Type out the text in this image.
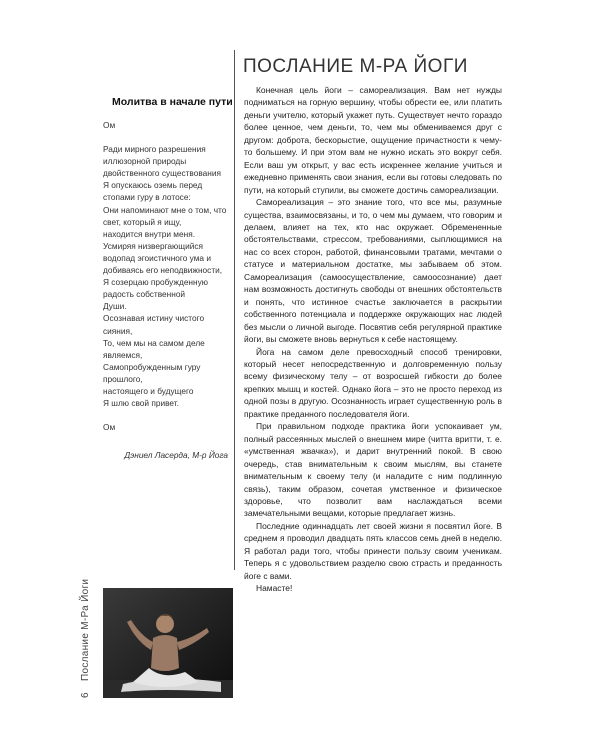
Молитва в начале пути
Ом
Ради мирного разрешения
иллюзорной природы
двойственного существования
Я опускаюсь оземь перед
стопами гуру в лотосе:
Они напоминают мне о том, что
свет, который я ищу,
находится внутри меня.
Усмиряя низвергающийся
водопад эгоистичного ума и
добиваясь его неподвижности,
Я созерцаю пробужденную
радость собственной
Души.
Осознавая истину чистого
сияния,
То, чем мы на самом деле
являемся,
Самопробужденным гуру
прошлого,
настоящего и будущего
Я шлю свой привет.
Ом
Дэниел Ласерда, М-р Йога
6 Послание М-Ра Йоги
ПОСЛАНИЕ М-РА ЙОГИ

Конечная цель йоги – самореализация. Вам нет нужды подниматься на горную вершину, чтобы обрести ее, или платить деньги учителю, который укажет путь. Существует нечто гораздо более ценное, чем деньги, то, чем мы обмениваемся друг с другом: доброта, бескорыстие, ощущение причастности к чему-то большему. И при этом вам не нужно искать это вокруг себя. Если ваш ум открыт, у вас есть искреннее желание учиться и ежедневно применять свои знания, если вы готовы следовать по пути, на который ступили, вы сможете достичь самореализации.

Самореализация – это знание того, что все мы, разумные существа, взаимосвязаны, и то, о чем мы думаем, что говорим и делаем, влияет на тех, кто нас окружает. Обремененные обстоятельствами, стрессом, требованиями, сыплющимися на нас со всех сторон, работой, финансовыми тратами, мечтами о статусе и материальном достатке, мы забываем об этом. Самореализация (самоосуществление, самоосознание) дает нам возможность достигнуть свободы от внешних обстоятельств и понять, что истинное счастье заключается в раскрытии собственного потенциала и поддержке окружающих нас людей без мысли о личной выгоде. Посвятив себя регулярной практике йоги, вы сможете вновь вернуться к себе настоящему.

Йога на самом деле превосходный способ тренировки, который несет непосредственную и долговременную пользу всему физическому телу – от возросшей гибкости до более крепких мышц и костей. Однако йога – это не просто переход из одной позы в другую. Осознанность играет существенную роль в практике преданного последователя йоги.

При правильном подходе практика йоги успокаивает ум, полный рассеянных мыслей о внешнем мире (читта вритти, т. е. «умственная жвачка»), и дарит внутренний покой. В свою очередь, став внимательным к своим мыслям, вы станете внимательным к своему телу (и наладите с ним подлинную связь), таким образом, сочетая умственное и физическое здоровье, что позволит вам наслаждаться всеми замечательными вещами, которые предлагает жизнь.

Последние одиннадцать лет своей жизни я посвятил йоге. В среднем я проводил двадцать пять классов семь дней в неделю. Я работал ради того, чтобы принести пользу своим ученикам. Теперь я с удовольствием разделю свою страсть и преданность йоге с вами.

Намасте!
